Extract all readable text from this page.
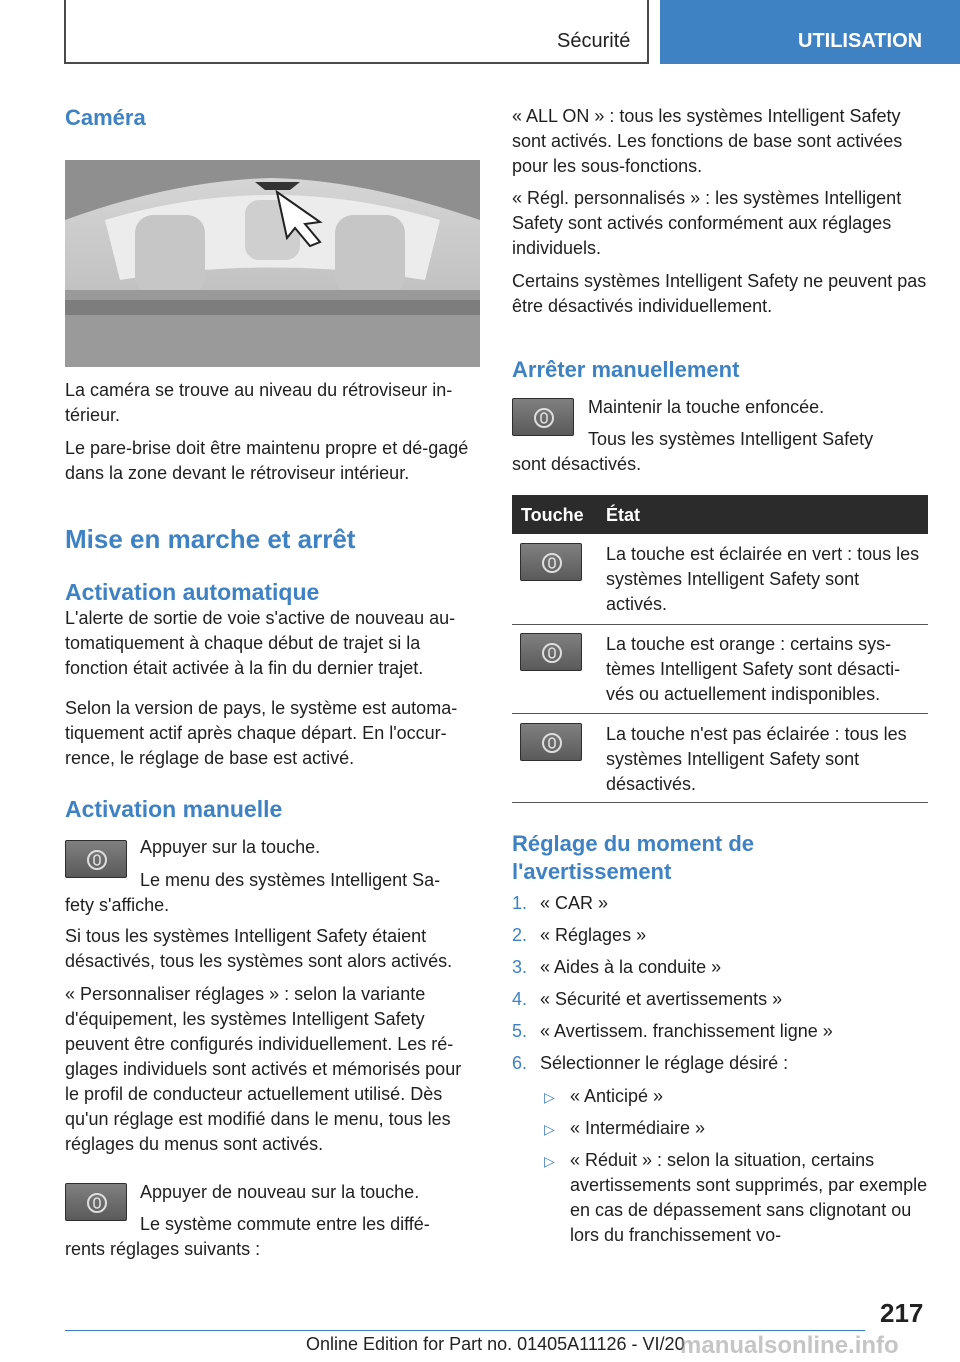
Sécurité	UTILISATION
Caméra

La caméra se trouve au niveau du rétroviseur in-térieur.

Le pare-brise doit être maintenu propre et dé-gagé dans la zone devant le rétroviseur intérieur.

Mise en marche et arrêt
Activation automatique

L'alerte de sortie de voie s'active de nouveau au-tomatiquement à chaque début de trajet si la fonction était activée à la fin du dernier trajet.

Selon la version de pays, le système est automa-tiquement actif après chaque départ. En l'occur-rence, le réglage de base est activé.

Activation manuelle

Appuyer sur la touche.

Le menu des systèmes Intelligent Sa-

fety s'affiche.

Si tous les systèmes Intelligent Safety étaient désactivés, tous les systèmes sont alors activés.

« Personnaliser réglages » : selon la variante d'équipement, les systèmes Intelligent Safety peuvent être configurés individuellement. Les ré-glages individuels sont activés et mémorisés pour le profil de conducteur actuellement utilisé. Dès qu'un réglage est modifié dans le menu, tous les réglages du menus sont activés.

Appuyer de nouveau sur la touche.

Le système commute entre les diffé-

rents réglages suivants :

« ALL ON » : tous les systèmes Intelligent Safety sont activés. Les fonctions de base sont activées pour les sous-fonctions.

« Régl. personnalisés » : les systèmes Intelligent Safety sont activés conformément aux réglages individuels.

Certains systèmes Intelligent Safety ne peuvent pas être désactivés individuellement.

Arrêter manuellement

Maintenir la touche enfoncée.

Tous les systèmes Intelligent Safety

sont désactivés.

Touche État

La touche est éclairée en vert : tous les systèmes Intelligent Safety sont activés.

La touche est orange : certains sys-tèmes Intelligent Safety sont désacti-vés ou actuellement indisponibles.

La touche n'est pas éclairée : tous les systèmes Intelligent Safety sont désactivés.

Réglage du moment de l'avertissement
1. « CAR »
2. « Réglages »
3. « Aides à la conduite »
4. « Sécurité et avertissements »
5. « Avertissem. franchissement ligne »
6. Sélectionner le réglage désiré :
▷ « Anticipé »

▷ « Intermédiaire »

▷ « Réduit » : selon la situation, certains avertissements sont supprimés, par exemple en cas de dépassement sans clignotant ou lors du franchissement vo-

217
Online Edition for Part no. 01405A11126 - VI/20
manualsonline.info
